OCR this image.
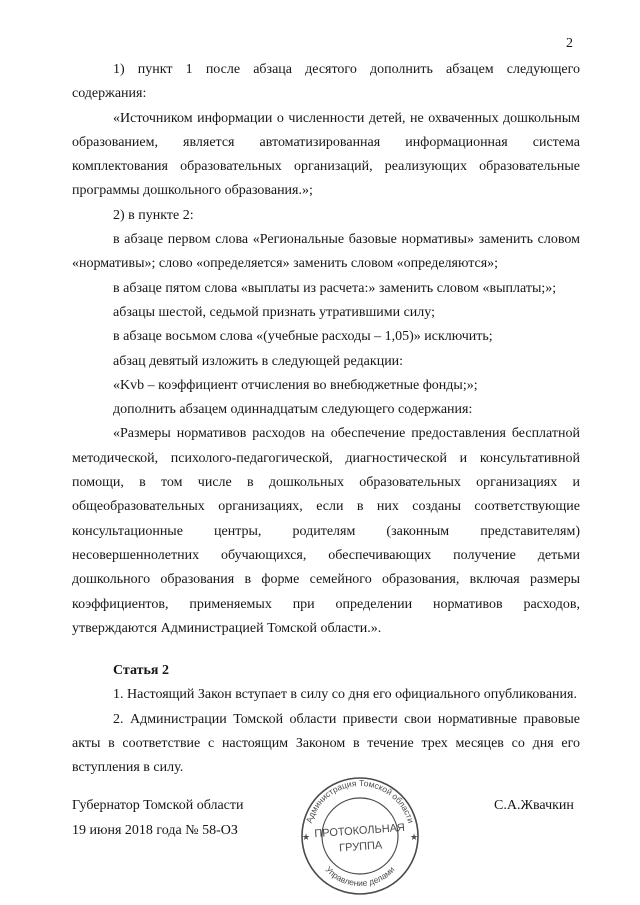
2

1) пункт 1 после абзаца десятого дополнить абзацем следующего содержания:

«Источником информации о численности детей, не охваченных дошкольным образованием, является автоматизированная информационная система комплектования образовательных организаций, реализующих образовательные программы дошкольного образования.»;

2) в пункте 2:

в абзаце первом слова «Региональные базовые нормативы» заменить словом «нормативы»; слово «определяется» заменить словом «определяются»;

в абзаце пятом слова «выплаты из расчета:» заменить словом «выплаты;»;

абзацы шестой, седьмой признать утратившими силу;

в абзаце восьмом слова «(учебные расходы – 1,05)» исключить;

абзац девятый изложить в следующей редакции:

«Kvb – коэффициент отчисления во внебюджетные фонды;»;

дополнить абзацем одиннадцатым следующего содержания:

«Размеры нормативов расходов на обеспечение предоставления бесплатной методической, психолого-педагогической, диагностической и консультативной помощи, в том числе в дошкольных образовательных организациях и общеобразовательных организациях, если в них созданы соответствующие консультационные центры, родителям (законным представителям) несовершеннолетних обучающихся, обеспечивающих получение детьми дошкольного образования в форме семейного образования, включая размеры коэффициентов, применяемых при определении нормативов расходов, утверждаются Администрацией Томской области.».

Статья 2

1. Настоящий Закон вступает в силу со дня его официального опубликования.

2. Администрации Томской области привести свои нормативные правовые акты в соответствие с настоящим Законом в течение трех месяцев со дня его вступления в силу.

Губернатор Томской области	С.А.Жвачкин
19 июня 2018 года № 58-ОЗ
Администрация Томской области
Управление делами
ПРОТОКОЛЬНАЯ
ГРУППА
★	★
